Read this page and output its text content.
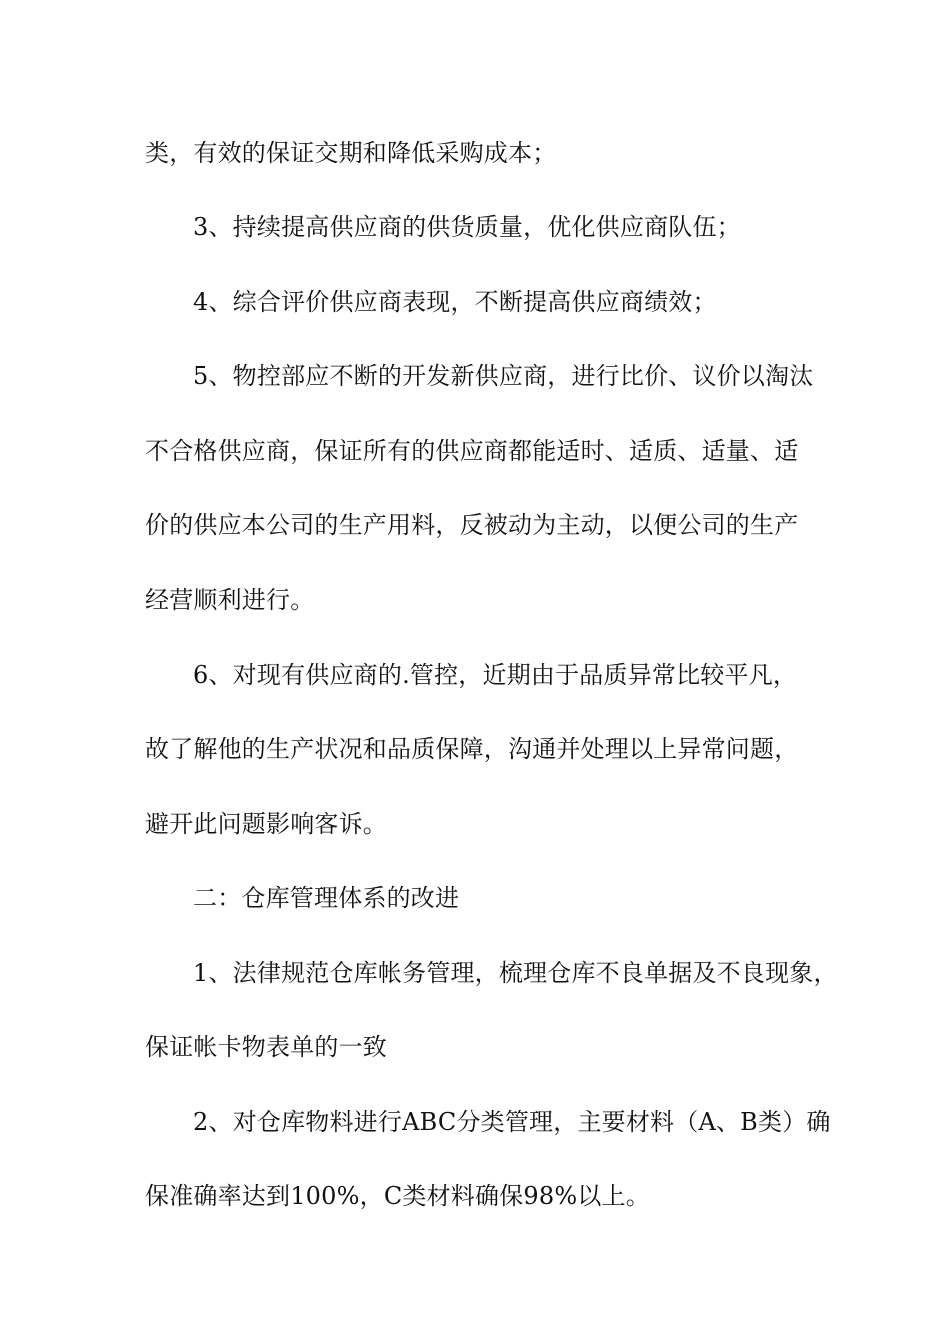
类，有效的保证交期和降低采购成本；
3、持续提高供应商的供货质量，优化供应商队伍；
4、综合评价供应商表现，不断提高供应商绩效；
5、物控部应不断的开发新供应商，进行比价、议价以淘汰
不合格供应商，保证所有的供应商都能适时、适质、适量、适
价的供应本公司的生产用料，反被动为主动，以便公司的生产
经营顺利进行。
6、对现有供应商的.管控，近期由于品质异常比较平凡，
故了解他的生产状况和品质保障，沟通并处理以上异常问题，
避开此问题影响客诉。
二：仓库管理体系的改进
1、法律规范仓库帐务管理，梳理仓库不良单据及不良现象，
保证帐卡物表单的一致
2、对仓库物料进行ABC分类管理，主要材料（A、B类）确
保准确率达到100%，C类材料确保98%以上。
